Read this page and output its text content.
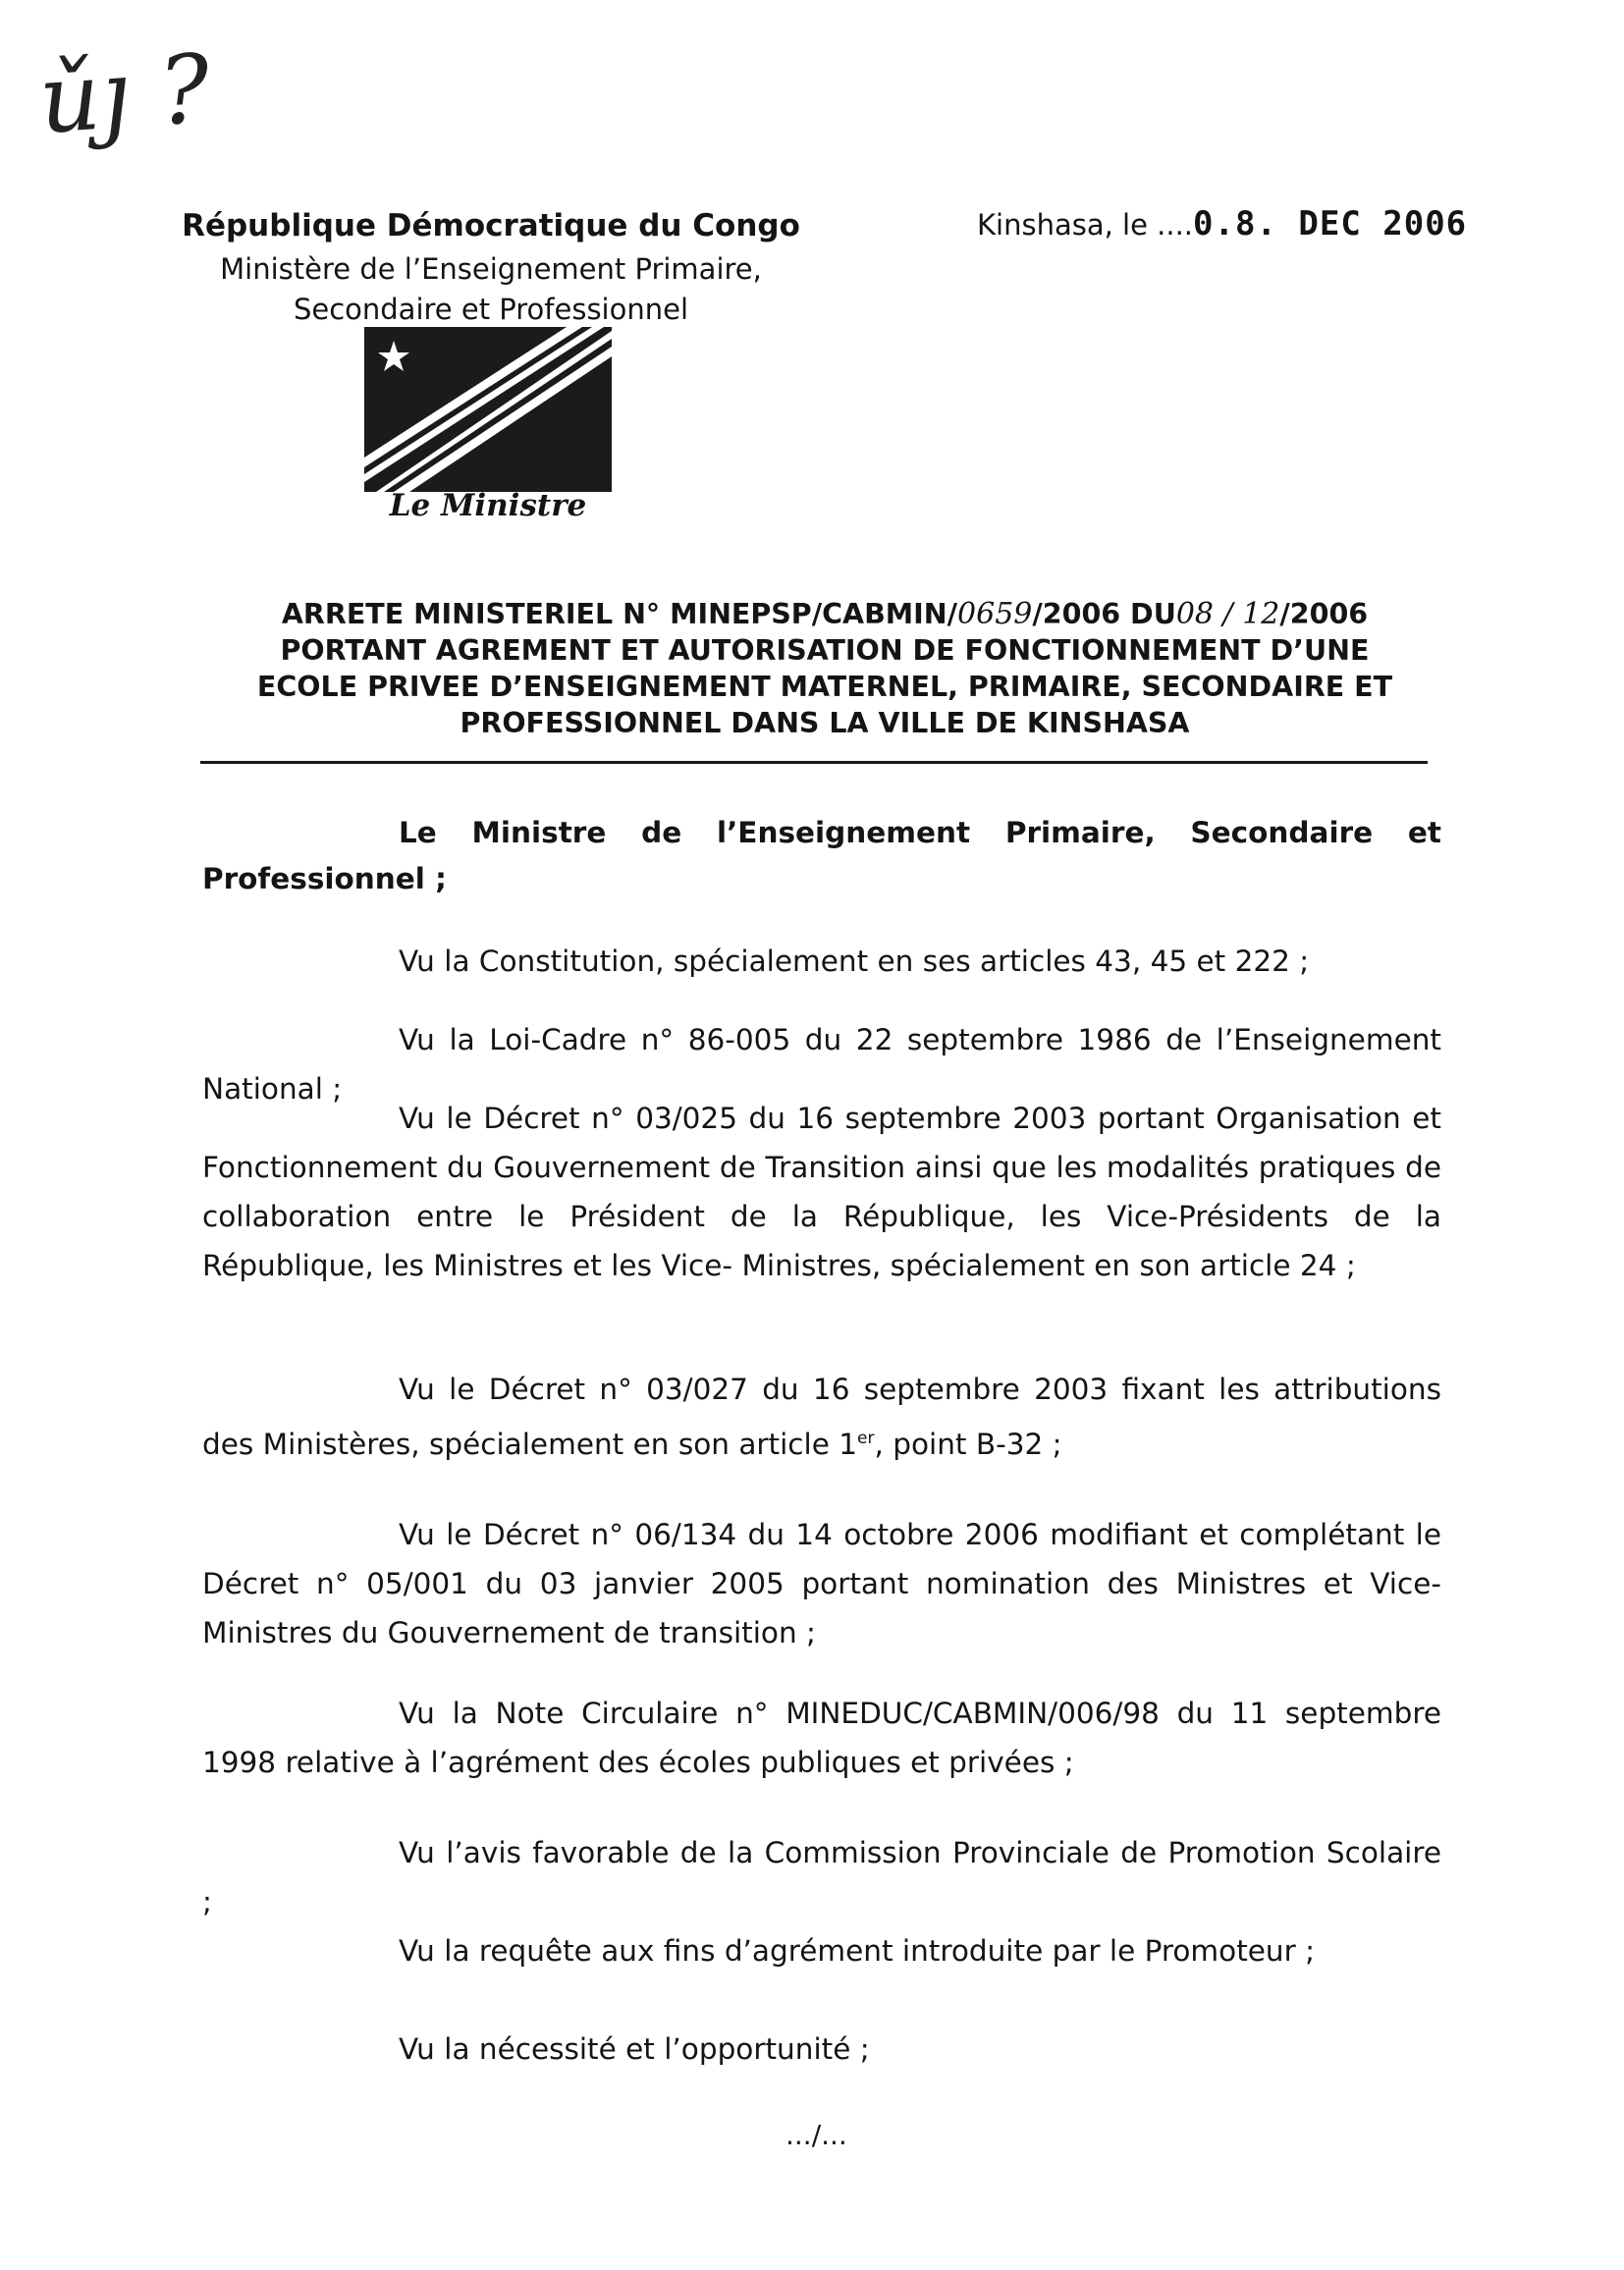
ǔȷ ?
République Démocratique du Congo
Ministère de l’Enseignement Primaire,
Secondaire et Professionnel
Le Ministre
Kinshasa, le ....0.8. DEC 2006
ARRETE MINISTERIEL N° MINEPSP/CABMIN/0659/2006 DU08 / 12/2006
PORTANT AGREMENT ET AUTORISATION DE FONCTIONNEMENT D’UNE
ECOLE PRIVEE D’ENSEIGNEMENT MATERNEL, PRIMAIRE, SECONDAIRE ET
PROFESSIONNEL DANS LA VILLE DE KINSHASA
Le Ministre de l’Enseignement Primaire, Secondaire et Professionnel ;
Vu la Constitution, spécialement en ses articles 43, 45 et 222 ;
Vu la Loi-Cadre n° 86-005 du 22 septembre 1986 de l’Enseignement National ;
Vu le Décret n° 03/025 du 16 septembre 2003 portant Organisation et Fonctionnement du Gouvernement de Transition ainsi que les modalités pratiques de collaboration entre le Président de la République, les Vice-Présidents de la République, les Ministres et les Vice- Ministres, spécialement en son article 24 ;
Vu le Décret n° 03/027 du 16 septembre 2003 fixant les attributions des Ministères, spécialement en son article 1er, point B-32 ;
Vu le Décret n° 06/134 du 14 octobre 2006 modifiant et complétant le Décret n° 05/001 du 03 janvier 2005 portant nomination des Ministres et Vice-Ministres du Gouvernement de transition ;
Vu la Note Circulaire n° MINEDUC/CABMIN/006/98 du 11 septembre 1998 relative à l’agrément des écoles publiques et privées ;
Vu l’avis favorable de la Commission Provinciale de Promotion Scolaire ;
Vu la requête aux fins d’agrément introduite par le Promoteur ;
Vu la nécessité et l’opportunité ;
.../...
